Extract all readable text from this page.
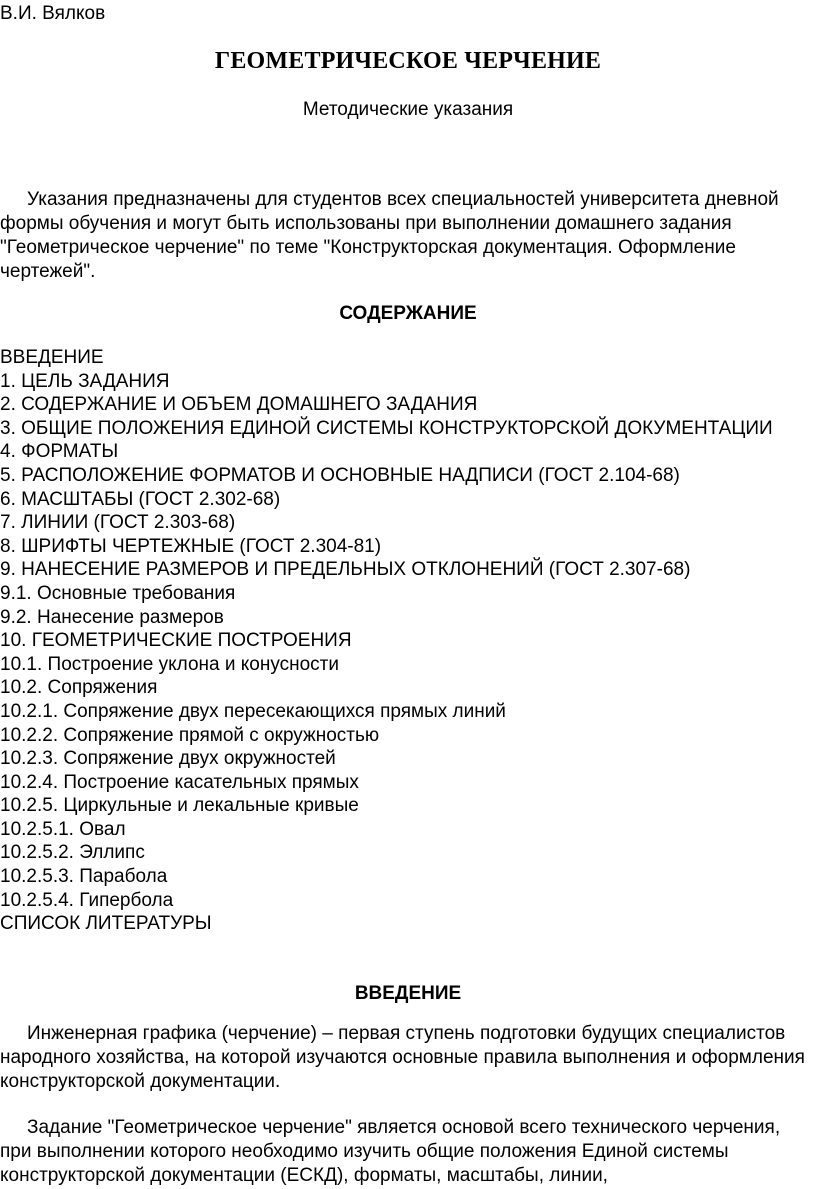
В.И. Вялков
ГЕОМЕТРИЧЕСКОЕ ЧЕРЧЕНИЕ
Методические указания

Указания предназначены для студентов всех специальностей университета дневной формы обучения и могут быть использованы при выполнении домашнего задания "Геометрическое черчение" по теме "Конструкторская документация. Оформление чертежей".

СОДЕРЖАНИЕ
ВВЕДЕНИЕ
1. ЦЕЛЬ ЗАДАНИЯ
2. СОДЕРЖАНИЕ И ОБЪЕМ ДОМАШНЕГО ЗАДАНИЯ
3. ОБЩИЕ ПОЛОЖЕНИЯ ЕДИНОЙ СИСТЕМЫ КОНСТРУКТОРСКОЙ ДОКУМЕНТАЦИИ
4. ФОРМАТЫ
5. РАСПОЛОЖЕНИЕ ФОРМАТОВ И ОСНОВНЫЕ НАДПИСИ (ГОСТ 2.104-68)
6. МАСШТАБЫ (ГОСТ 2.302-68)
7. ЛИНИИ (ГОСТ 2.303-68)
8. ШРИФТЫ ЧЕРТЕЖНЫЕ (ГОСТ 2.304-81)
9. НАНЕСЕНИЕ РАЗМЕРОВ И ПРЕДЕЛЬНЫХ ОТКЛОНЕНИЙ (ГОСТ 2.307-68)
9.1. Основные требования
9.2. Нанесение размеров
10. ГЕОМЕТРИЧЕСКИЕ ПОСТРОЕНИЯ
10.1. Построение уклона и конусности
10.2. Сопряжения
10.2.1. Сопряжение двух пересекающихся прямых линий
10.2.2. Сопряжение прямой с окружностью
10.2.3. Сопряжение двух окружностей
10.2.4. Построение касательных прямых
10.2.5. Циркульные и лекальные кривые
10.2.5.1. Овал
10.2.5.2. Эллипс
10.2.5.3. Парабола
10.2.5.4. Гипербола
СПИСОК ЛИТЕРАТУРЫ
ВВЕДЕНИЕ

Инженерная графика (черчение) – первая ступень подготовки будущих специалистов народного хозяйства, на которой изучаются основные правила выполнения и оформления конструкторской документации.

Задание "Геометрическое черчение" является основой всего технического черчения, при выполнении которого необходимо изучить общие положения Единой системы конструкторской документации (ЕСКД), форматы, масштабы, линии,
